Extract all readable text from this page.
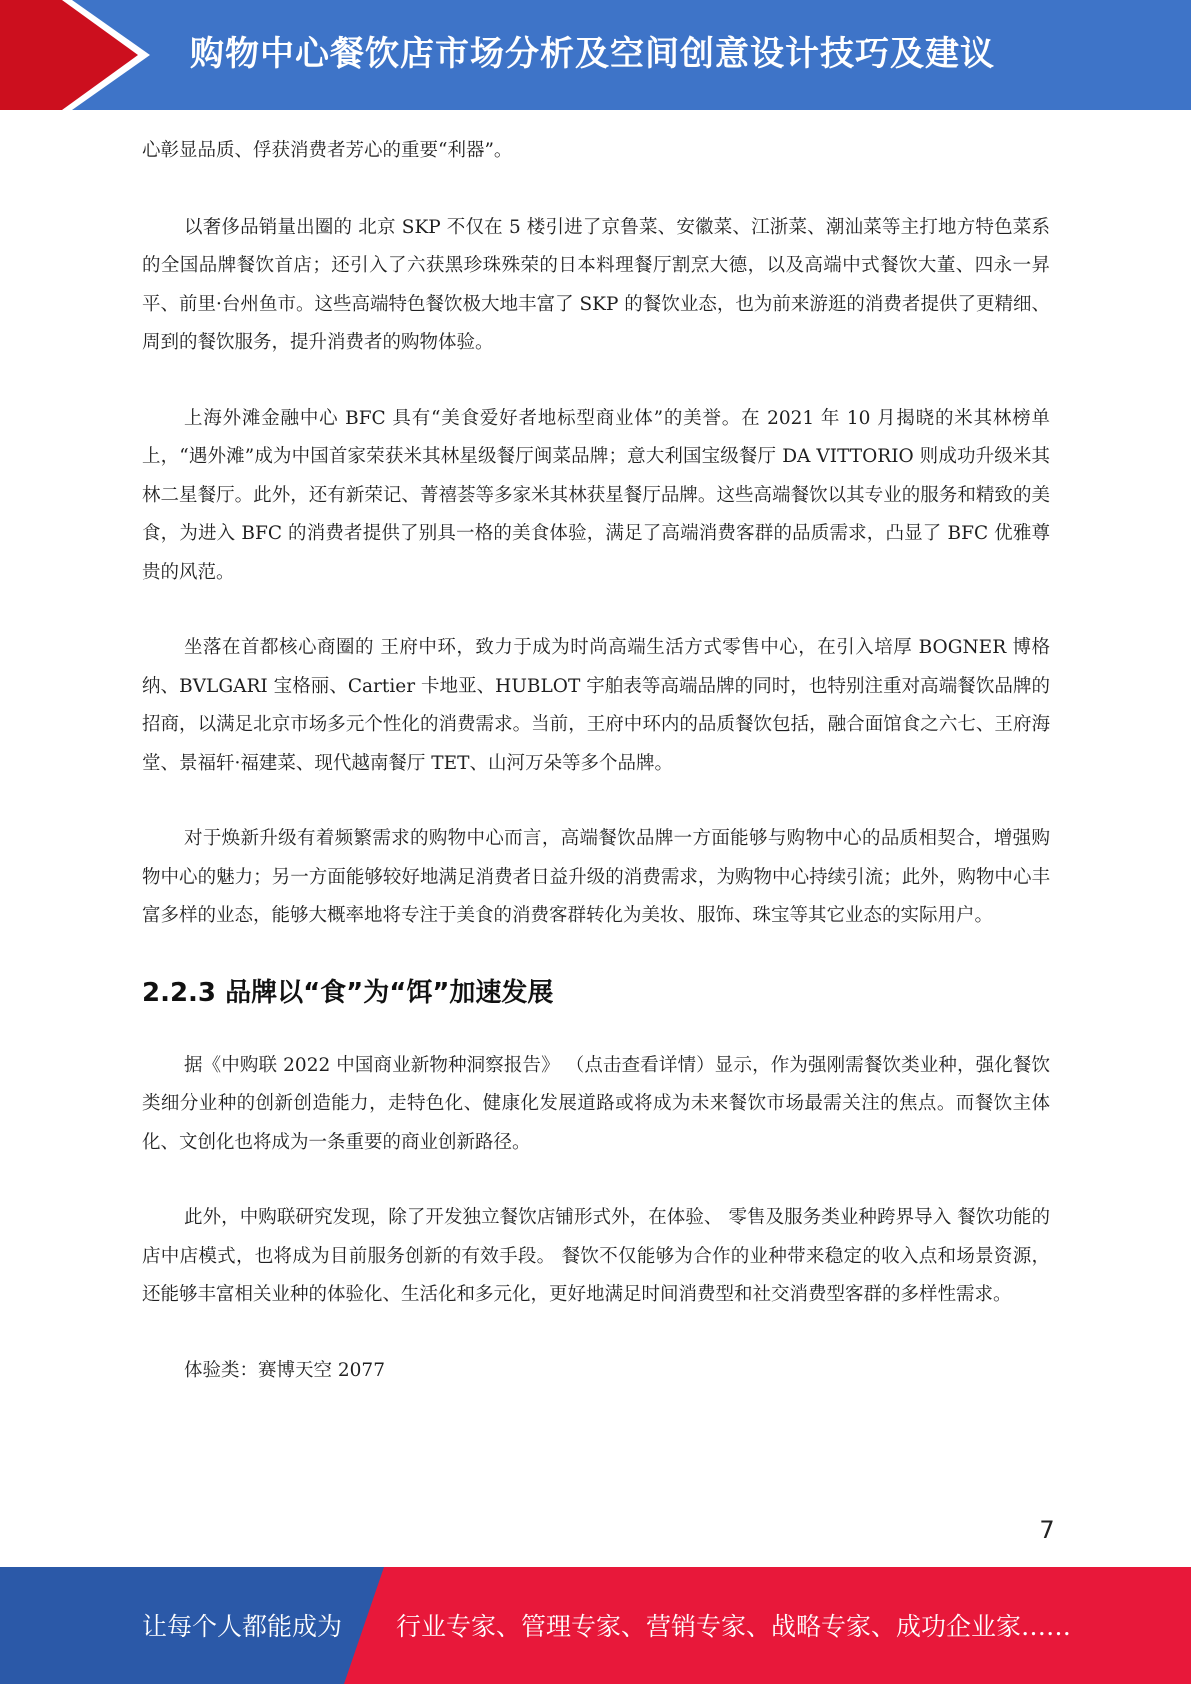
购物中心餐饮店市场分析及空间创意设计技巧及建议

心彰显品质、俘获消费者芳心的重要“利器”。

以奢侈品销量出圈的 北京 SKP 不仅在 5 楼引进了京鲁菜、安徽菜、江浙菜、潮汕菜等主打地方特色菜系的全国品牌餐饮首店；还引入了六获黑珍珠殊荣的日本料理餐厅割烹大德，以及高端中式餐饮大董、四永一昇平、前里·台州鱼市。这些高端特色餐饮极大地丰富了 SKP 的餐饮业态，也为前来游逛的消费者提供了更精细、周到的餐饮服务，提升消费者的购物体验。

上海外滩金融中心 BFC 具有“美食爱好者地标型商业体”的美誉。在 2021 年 10 月揭晓的米其林榜单上，“遇外滩”成为中国首家荣获米其林星级餐厅闽菜品牌；意大利国宝级餐厅 DA VITTORIO 则成功升级米其林二星餐厅。此外，还有新荣记、菁禧荟等多家米其林获星餐厅品牌。这些高端餐饮以其专业的服务和精致的美食，为进入 BFC 的消费者提供了别具一格的美食体验，满足了高端消费客群的品质需求，凸显了 BFC 优雅尊贵的风范。

坐落在首都核心商圈的 王府中环，致力于成为时尚高端生活方式零售中心，在引入培厚 BOGNER 博格纳、BVLGARI 宝格丽、Cartier 卡地亚、HUBLOT 宇舶表等高端品牌的同时，也特别注重对高端餐饮品牌的招商，以满足北京市场多元个性化的消费需求。当前，王府中环内的品质餐饮包括，融合面馆食之六七、王府海堂、景福轩·福建菜、现代越南餐厅 TET、山河万朵等多个品牌。

对于焕新升级有着频繁需求的购物中心而言，高端餐饮品牌一方面能够与购物中心的品质相契合，增强购物中心的魅力；另一方面能够较好地满足消费者日益升级的消费需求，为购物中心持续引流；此外，购物中心丰富多样的业态，能够大概率地将专注于美食的消费客群转化为美妆、服饰、珠宝等其它业态的实际用户。

2.2.3 品牌以“食”为“饵”加速发展

据《中购联 2022 中国商业新物种洞察报告》 （点击查看详情）显示，作为强刚需餐饮类业种，强化餐饮类细分业种的创新创造能力，走特色化、健康化发展道路或将成为未来餐饮市场最需关注的焦点。而餐饮主体化、文创化也将成为一条重要的商业创新路径。

此外，中购联研究发现，除了开发独立餐饮店铺形式外，在体验、 零售及服务类业种跨界导入 餐饮功能的店中店模式，也将成为目前服务创新的有效手段。 餐饮不仅能够为合作的业种带来稳定的收入点和场景资源，还能够丰富相关业种的体验化、生活化和多元化，更好地满足时间消费型和社交消费型客群的多样性需求。

体验类：赛博天空 2077

7
让每个人都能成为 行业专家、管理专家、营销专家、战略专家、成功企业家……
